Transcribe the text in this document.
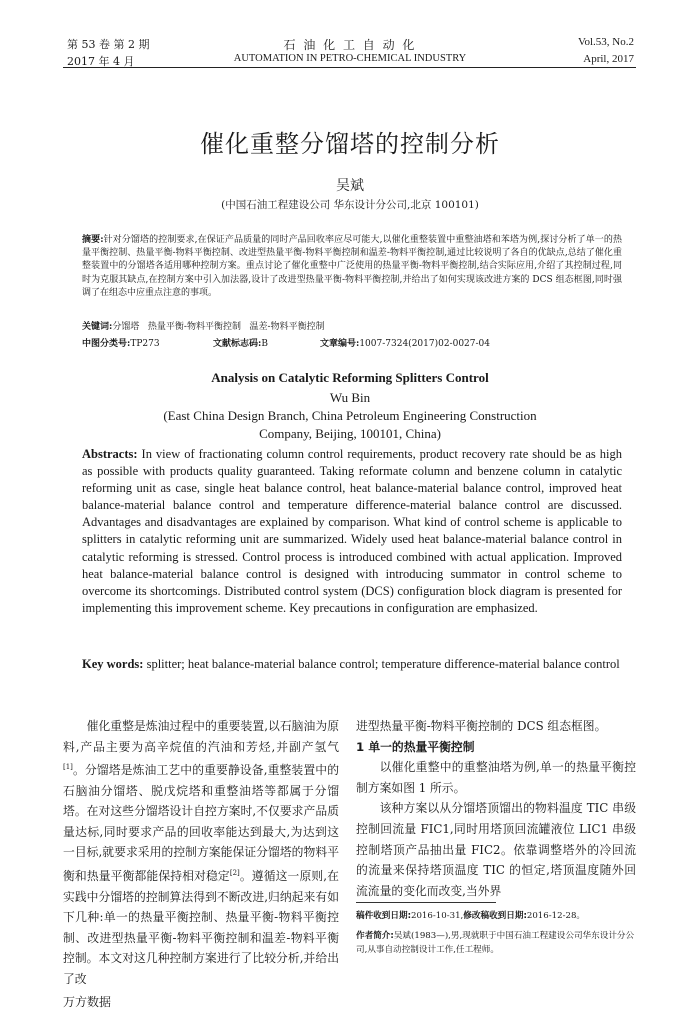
第 53 卷 第 2 期
2017 年 4 月
石 油 化 工 自 动 化
AUTOMATION IN PETRO-CHEMICAL INDUSTRY
Vol.53, No.2
April, 2017
催化重整分馏塔的控制分析
吴斌
(中国石油工程建设公司 华东设计分公司,北京 100101)
摘要:针对分馏塔的控制要求,在保证产品质量的同时产品回收率应尽可能大,以催化重整装置中重整油塔和苯塔为例,探讨分析了单一的热量平衡控制、热量平衡-物料平衡控制、改进型热量平衡-物料平衡控制和温差-物料平衡控制,通过比较说明了各自的优缺点,总结了催化重整装置中的分馏塔各适用哪种控制方案。重点讨论了催化重整中广泛使用的热量平衡-物料平衡控制,结合实际应用,介绍了其控制过程,同时为克服其缺点,在控制方案中引入加法器,设计了改进型热量平衡-物料平衡控制,并给出了如何实现该改进方案的 DCS 组态框图,同时强调了在组态中应重点注意的事项。
关键词:分馏塔   热量平衡-物料平衡控制   温差-物料平衡控制
中图分类号:TP273	文献标志码:B	文章编号:1007-7324(2017)02-0027-04
Analysis on Catalytic Reforming Splitters Control
Wu Bin
(East China Design Branch, China Petroleum Engineering Construction
Company, Beijing, 100101, China)
Abstracts: In view of fractionating column control requirements, product recovery rate should be as high as possible with products quality guaranteed. Taking reformate column and benzene column in catalytic reforming unit as case, single heat balance control, heat balance-material balance control, improved heat balance-material balance control and temperature difference-material balance control are discussed. Advantages and disadvantages are explained by comparison. What kind of control scheme is applicable to splitters in catalytic reforming unit are summarized. Widely used heat balance-material balance control in catalytic reforming is stressed. Control process is introduced combined with actual application. Improved heat balance-material balance control is designed with introducing summator in control scheme to overcome its shortcomings. Distributed control system (DCS) configuration block diagram is presented for implementing this improvement scheme. Key precautions in configuration are emphasized.
Key words: splitter; heat balance-material balance control; temperature difference-material balance control

催化重整是炼油过程中的重要装置,以石脑油为原料,产品主要为高辛烷值的汽油和芳烃,并副产氢气[1]。分馏塔是炼油工艺中的重要静设备,重整装置中的石脑油分馏塔、脱戊烷塔和重整油塔等都属于分馏塔。在对这些分馏塔设计自控方案时,不仅要求产品质量达标,同时要求产品的回收率能达到最大,为达到这一目标,就要求采用的控制方案能保证分馏塔的物料平衡和热量平衡都能保持相对稳定[2]。遵循这一原则,在实践中分馏塔的控制算法得到不断改进,归纳起来有如下几种:单一的热量平衡控制、热量平衡-物料平衡控制、改进型热量平衡-物料平衡控制和温差-物料平衡控制。本文对这几种控制方案进行了比较分析,并给出了改

进型热量平衡-物料平衡控制的 DCS 组态框图。
1 单一的热量平衡控制

以催化重整中的重整油塔为例,单一的热量平衡控制方案如图 1 所示。

该种方案以从分馏塔顶馏出的物料温度 TIC 串级控制回流量 FIC1,同时用塔顶回流罐液位 LIC1 串级控制塔顶产品抽出量 FIC2。依靠调整塔外的冷回流的流量来保持塔顶温度 TIC 的恒定,塔顶温度随外回流流量的变化而改变,当外界

稿件收到日期:2016-10-31,修改稿收到日期:2016-12-28。
作者简介:吴斌(1983—),男,现就职于中国石油工程建设公司华东设计分公司,从事自动控制设计工作,任工程师。
万方数据
